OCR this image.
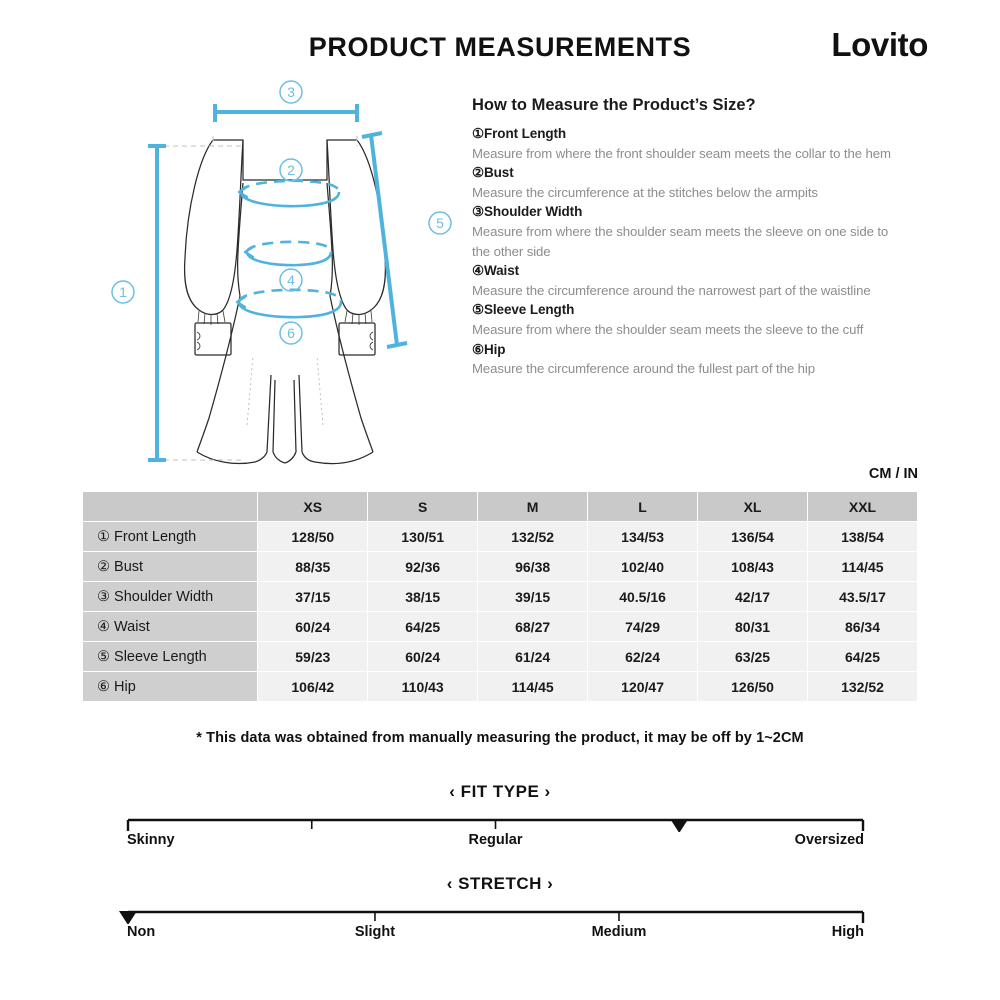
PRODUCT MEASUREMENTS	Lovito
1
2
3
4
5
6
How to Measure the Product’s Size?
①Front Length
Measure from where the front shoulder seam meets the collar to the hem
②Bust
Measure the circumference at the stitches below the armpits
③Shoulder Width
Measure from where the shoulder seam meets the sleeve on one side to the other side
④Waist
Measure the circumference around the narrowest part of the waistline
⑤Sleeve Length
Measure from where the shoulder seam meets the sleeve to the cuff
⑥Hip
Measure the circumference around the fullest part of the hip
CM / IN
	XS	S	M	L	XL	XXL
① Front Length	128/50	130/51	132/52	134/53	136/54	138/54
② Bust	88/35	92/36	96/38	102/40	108/43	114/45
③ Shoulder Width	37/15	38/15	39/15	40.5/16	42/17	43.5/17
④ Waist	60/24	64/25	68/27	74/29	80/31	86/34
⑤ Sleeve Length	59/23	60/24	61/24	62/24	63/25	64/25
⑥ Hip	106/42	110/43	114/45	120/47	126/50	132/52
* This data was obtained from manually measuring the product, it may be off by 1~2CM
‹ FIT TYPE ›
Skinny	Regular	Oversized
‹ STRETCH ›
Non	Slight	Medium	High
